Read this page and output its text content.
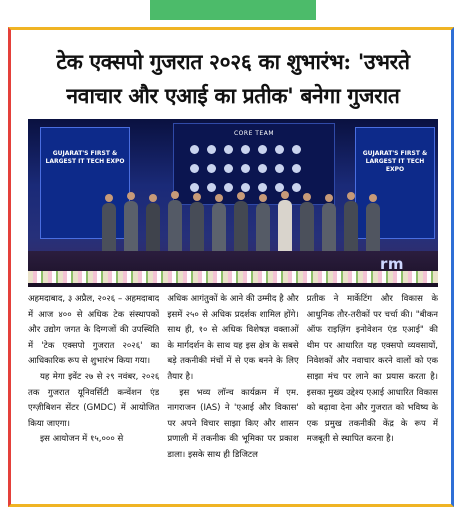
टेक एक्सपो गुजरात २०२६ का शुभारंभ: 'उभरते
नवाचार और एआई का प्रतीक' बनेगा गुजरात
GUJARAT'S FIRST & LARGEST IT TECH EXPO
CORE TEAM

GUJARAT'S FIRST & LARGEST IT TECH EXPO
rm

अहमदाबाद, ३ अप्रैल, २०२६ – अहमदाबाद में आज ४०० से अधिक टेक संस्थापकों और उद्योग जगत के दिग्गजों की उपस्थिति में 'टेक एक्सपो गुजरात २०२६' का आधिकारिक रूप से शुभारंभ किया गया।

यह मेगा इवेंट २७ से २९ नवंबर, २०२६ तक गुजरात यूनिवर्सिटी कन्वेंशन एंड एग्ज़ीबिशन सेंटर (GMDC) में आयोजित किया जाएगा।

इस आयोजन में १५,००० से

अधिक आगंतुकों के आने की उम्मीद है और इसमें २५० से अधिक प्रदर्शक शामिल होंगे। साथ ही, १० से अधिक विशेषज्ञ वक्ताओं के मार्गदर्शन के साथ यह इस क्षेत्र के सबसे बड़े तकनीकी मंचों में से एक बनने के लिए तैयार है।

इस भव्य लॉन्च कार्यक्रम में एम. नागराजन (IAS) ने 'एआई और विकास' पर अपने विचार साझा किए और शासन प्रणाली में तकनीक की भूमिका पर प्रकाश डाला। इसके साथ ही डिजिटल

प्रतीक ने मार्केटिंग और विकास के आधुनिक तौर-तरीकों पर चर्चा की। "बीकन ऑफ राइज़िंग इनोवेशन एंड एआई" की थीम पर आधारित यह एक्सपो व्यवसायों, निवेशकों और नवाचार करने वालों को एक साझा मंच पर लाने का प्रयास करता है। इसका मुख्य उद्देश्य एआई आधारित विकास को बढ़ावा देना और गुजरात को भविष्य के एक प्रमुख तकनीकी केंद्र के रूप में मजबूती से स्थापित करना है।
